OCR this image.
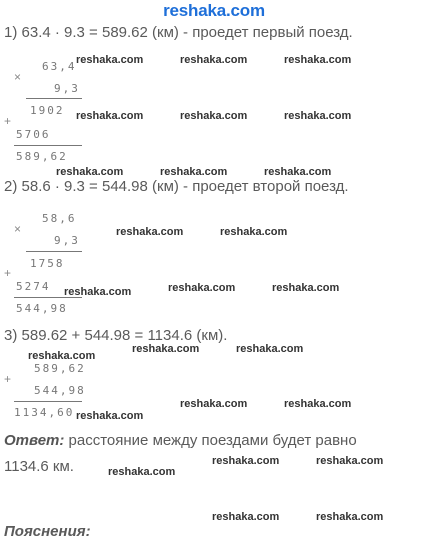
reshaka.com
1) 63.4 · 9.3 = 589.62 (км) - проедет первый поезд.
×
63,4
9,3
1902
+
5706
589,62
2) 58.6 · 9.3 = 544.98 (км) - проедет второй поезд.
×
58,6
9,3
1758
+
5274
544,98
3) 589.62 + 544.98 = 1134.6 (км).
+
589,62
544,98
1134,60
Ответ: расстояние между поездами будет равно
1134.6 км.
Пояснения:
reshaka.com	reshaka.com	reshaka.com
reshaka.com	reshaka.com	reshaka.com
reshaka.com	reshaka.com	reshaka.com
reshaka.com	reshaka.com
reshaka.com	reshaka.com	reshaka.com
reshaka.com
reshaka.com	reshaka.com
reshaka.com
reshaka.com	reshaka.com
reshaka.com
reshaka.com	reshaka.com
reshaka.com	reshaka.com
